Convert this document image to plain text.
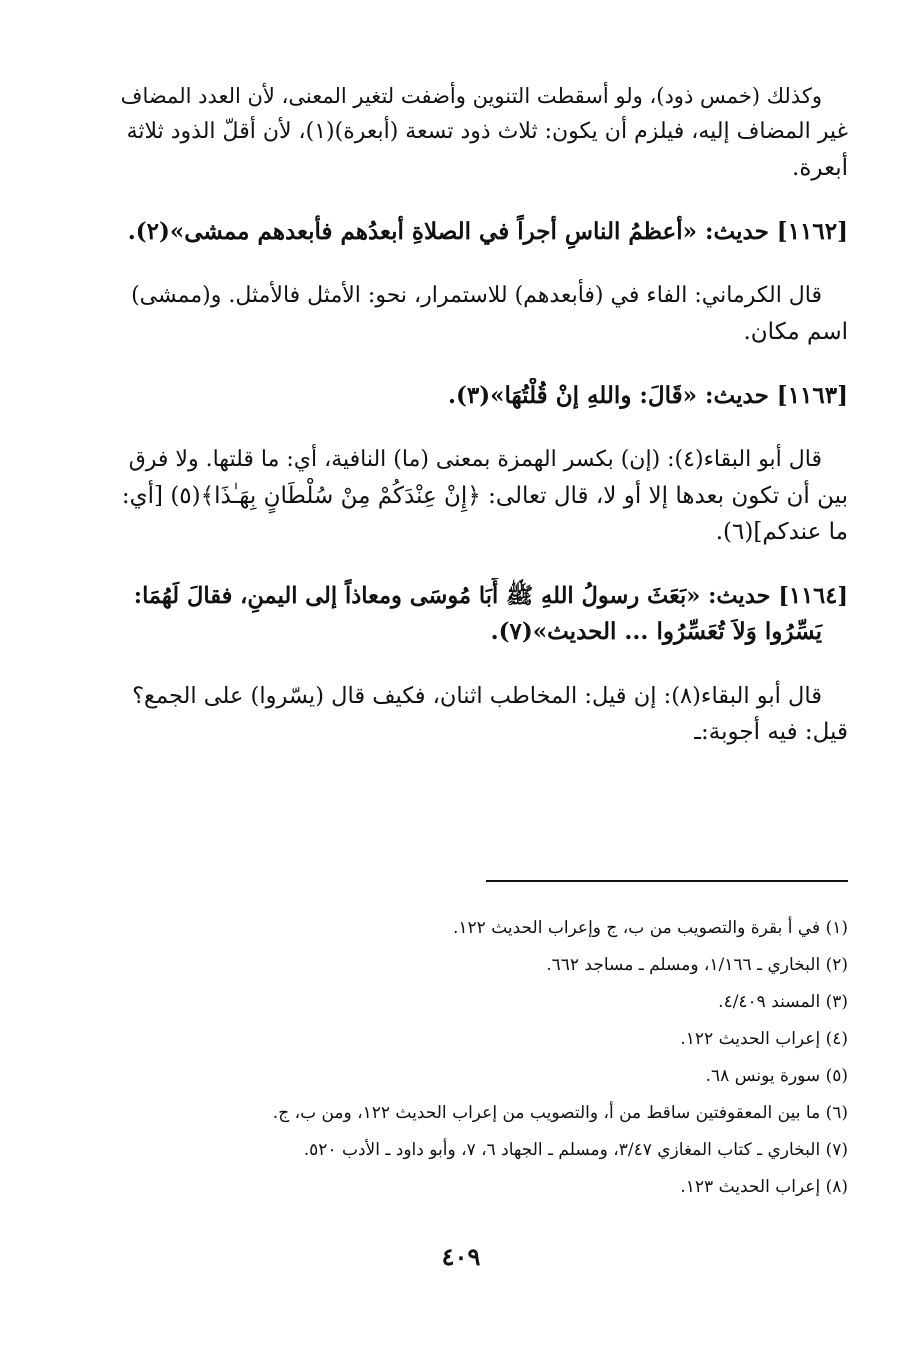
وكذلك (خمس ذود)، ولو أسقطت التنوين وأضفت لتغير المعنى، لأن العدد المضاف
غير المضاف إليه، فيلزم أن يكون: ثلاث ذود تسعة (أبعرة)(١)، لأن أقلّ الذود ثلاثة
أبعرة.
[١١٦٢] حديث: «أعظمُ الناسِ أجراً في الصلاةِ أبعدُهم فأبعدهم ممشى»(٢).
قال الكرماني: الفاء في (فأبعدهم) للاستمرار، نحو: الأمثل فالأمثل. و(ممشى)
اسم مكان.
[١١٦٣] حديث: «قَالَ: واللهِ إنْ قُلْتُهَا»(٣).
قال أبو البقاء(٤): (إن) بكسر الهمزة بمعنى (ما) النافية، أي: ما قلتها. ولا فرق
بين أن تكون بعدها إلا أو لا، قال تعالى: ﴿إِنْ عِنْدَكُمْ مِنْ سُلْطَانٍ بِهَـٰذَا﴾(٥) [أي:
ما عندكم](٦).
[١١٦٤] حديث: «بَعَثَ رسولُ اللهِ ﷺ أَبَا مُوسَى ومعاذاً إلى اليمنِ، فقالَ لَهُمَا:
يَسِّرُوا وَلاَ تُعَسِّرُوا ... الحديث»(٧).
قال أبو البقاء(٨): إن قيل: المخاطب اثنان، فكيف قال (يسّروا) على الجمع؟
قيل: فيه أجوبة:ـ
(١) في أ بقرة والتصويب من ب، ج وإعراب الحديث ١٢٢.
(٢) البخاري ـ ١/١٦٦، ومسلم ـ مساجد ٦٦٢.
(٣) المسند ٤/٤٠٩.
(٤) إعراب الحديث ١٢٢.
(٥) سورة يونس ٦٨.
(٦) ما بين المعقوفتين ساقط من أ، والتصويب من إعراب الحديث ١٢٢، ومن ب، ج.
(٧) البخاري ـ كتاب المغازي ٣/٤٧، ومسلم ـ الجهاد ٦، ٧، وأبو داود ـ الأدب ٥٢٠.
(٨) إعراب الحديث ١٢٣.
٤٠٩
